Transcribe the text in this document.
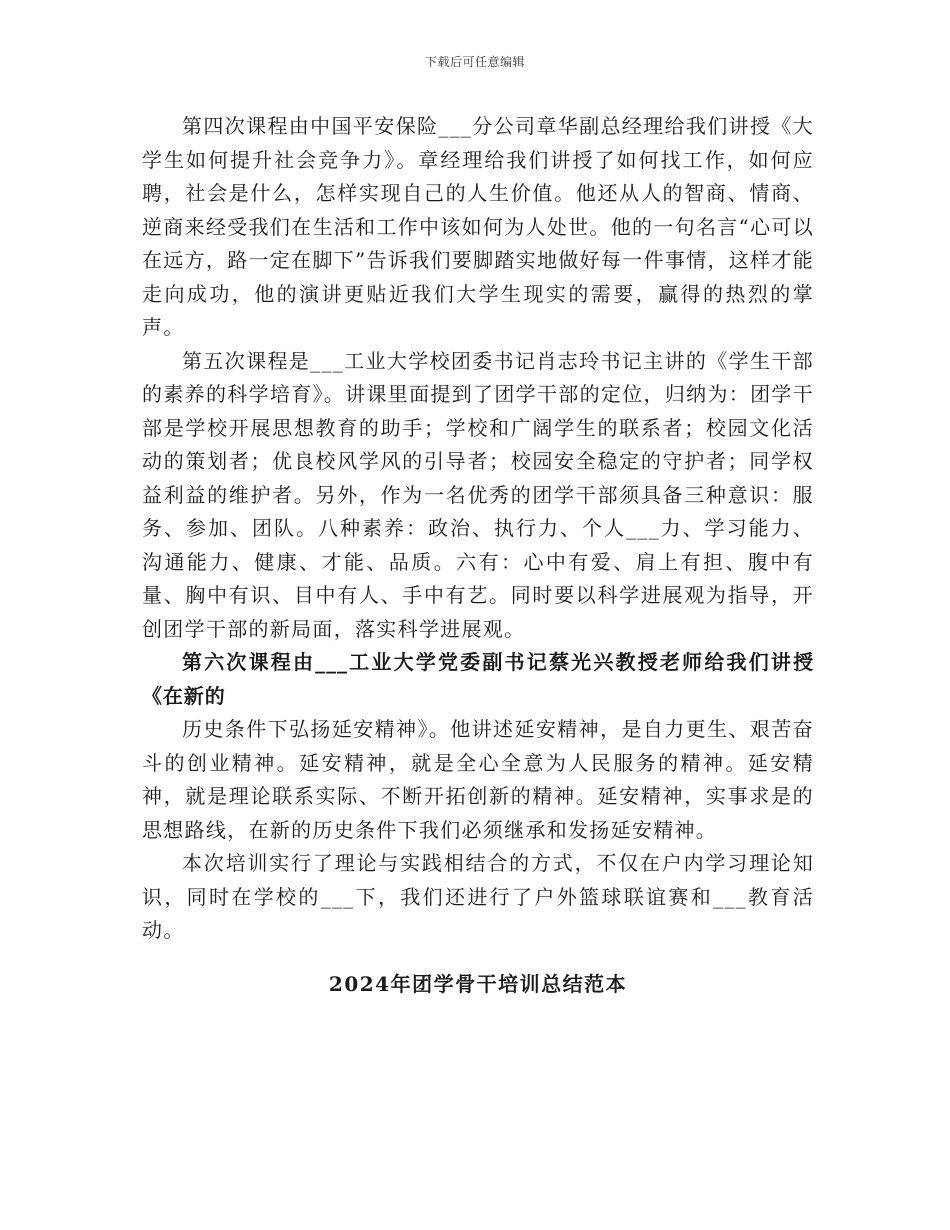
下载后可任意编辑

第四次课程由中国平安保险___分公司章华副总经理给我们讲授《大学生如何提升社会竞争力》。章经理给我们讲授了如何找工作，如何应聘，社会是什么，怎样实现自己的人生价值。他还从人的智商、情商、逆商来经受我们在生活和工作中该如何为人处世。他的一句名言“心可以在远方，路一定在脚下”告诉我们要脚踏实地做好每一件事情，这样才能走向成功，他的演讲更贴近我们大学生现实的需要，赢得的热烈的掌声。

第五次课程是___工业大学校团委书记肖志玲书记主讲的《学生干部的素养的科学培育》。讲课里面提到了团学干部的定位，归纳为：团学干部是学校开展思想教育的助手；学校和广阔学生的联系者；校园文化活动的策划者；优良校风学风的引导者；校园安全稳定的守护者；同学权益利益的维护者。另外，作为一名优秀的团学干部须具备三种意识：服务、参加、团队。八种素养：政治、执行力、个人___力、学习能力、沟通能力、健康、才能、品质。六有：心中有爱、肩上有担、腹中有量、胸中有识、目中有人、手中有艺。同时要以科学进展观为指导，开创团学干部的新局面，落实科学进展观。

第六次课程由___工业大学党委副书记蔡光兴教授老师给我们讲授《在新的

历史条件下弘扬延安精神》。他讲述延安精神，是自力更生、艰苦奋斗的创业精神。延安精神，就是全心全意为人民服务的精神。延安精神，就是理论联系实际、不断开拓创新的精神。延安精神，实事求是的思想路线，在新的历史条件下我们必须继承和发扬延安精神。

本次培训实行了理论与实践相结合的方式，不仅在户内学习理论知识，同时在学校的___下，我们还进行了户外篮球联谊赛和___教育活动。

2024年团学骨干培训总结范本
